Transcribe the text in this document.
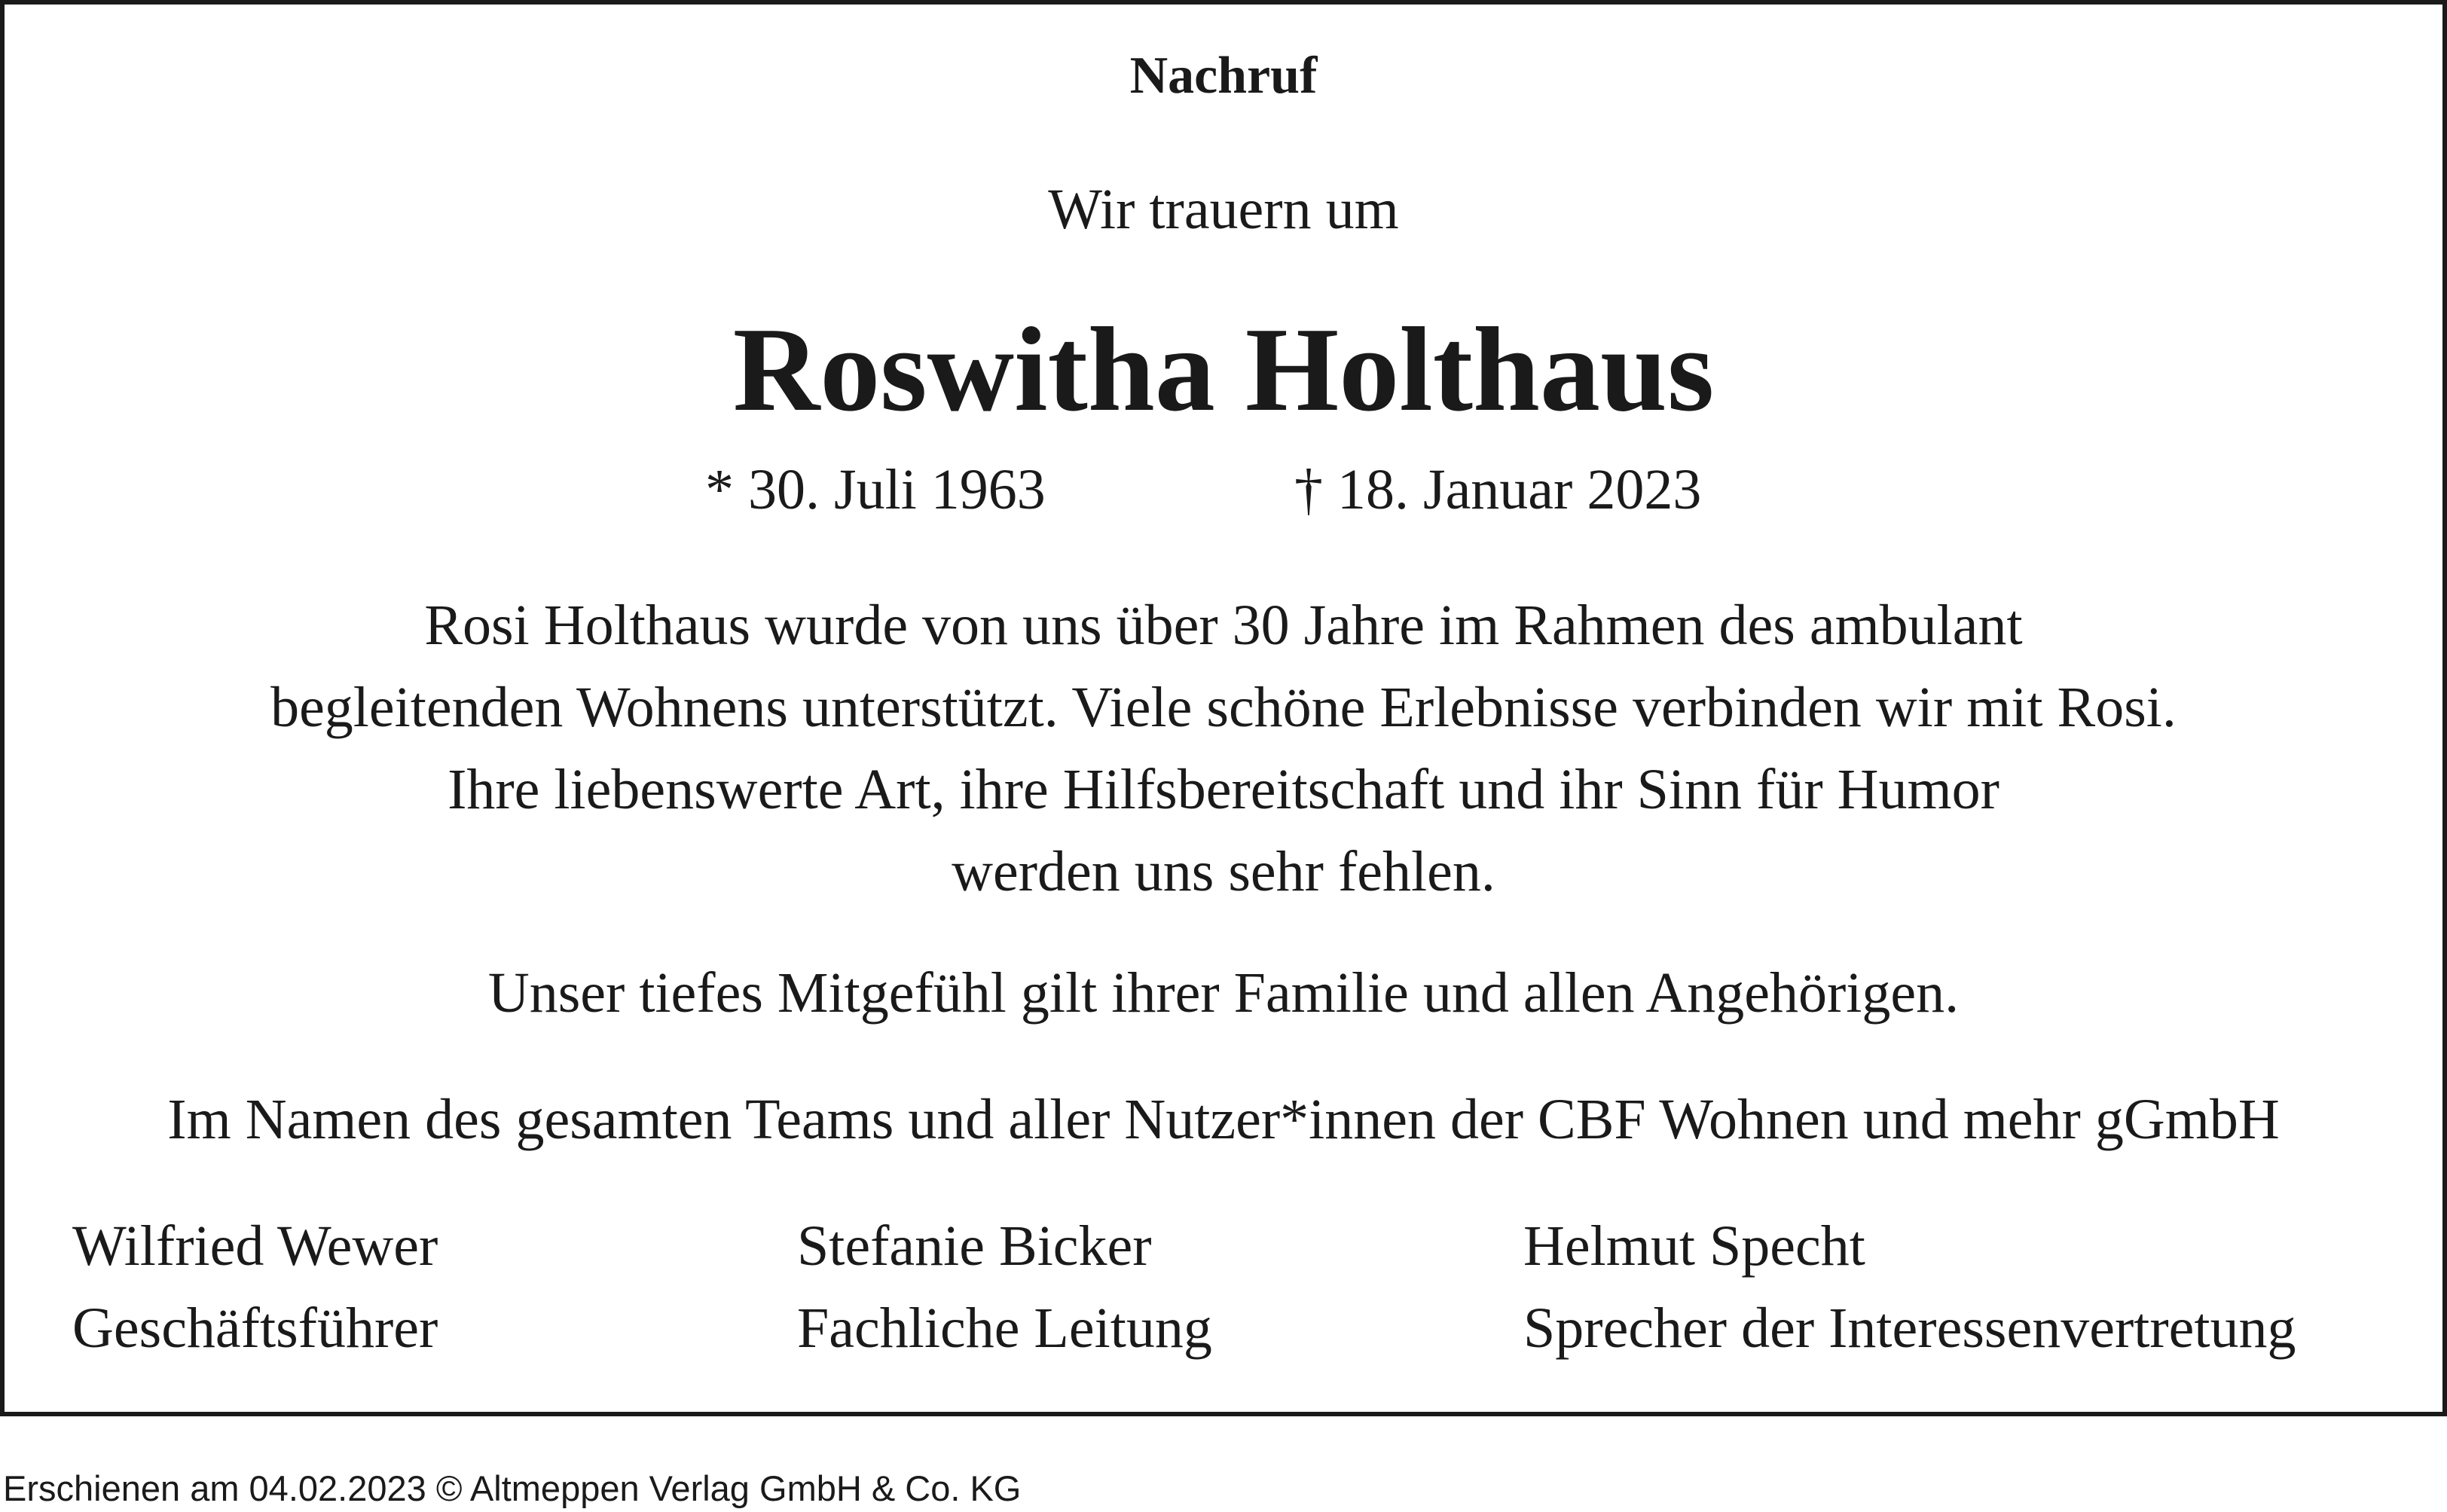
Nachruf
Wir trauern um
Roswitha Holthaus
* 30. Juli 1963	† 18. Januar 2023
Rosi Holthaus wurde von uns über 30 Jahre im Rahmen des ambulant
begleitenden Wohnens unterstützt. Viele schöne Erlebnisse verbinden wir mit Rosi.
Ihre liebenswerte Art, ihre Hilfsbereitschaft und ihr Sinn für Humor
werden uns sehr fehlen.
Unser tiefes Mitgefühl gilt ihrer Familie und allen Angehörigen.
Im Namen des gesamten Teams und aller Nutzer*innen der CBF Wohnen und mehr gGmbH
Wilfried Wewer
Geschäftsführer
Stefanie Bicker
Fachliche Leitung
Helmut Specht
Sprecher der Interessenvertretung
Erschienen am 04.02.2023 © Altmeppen Verlag GmbH & Co. KG
